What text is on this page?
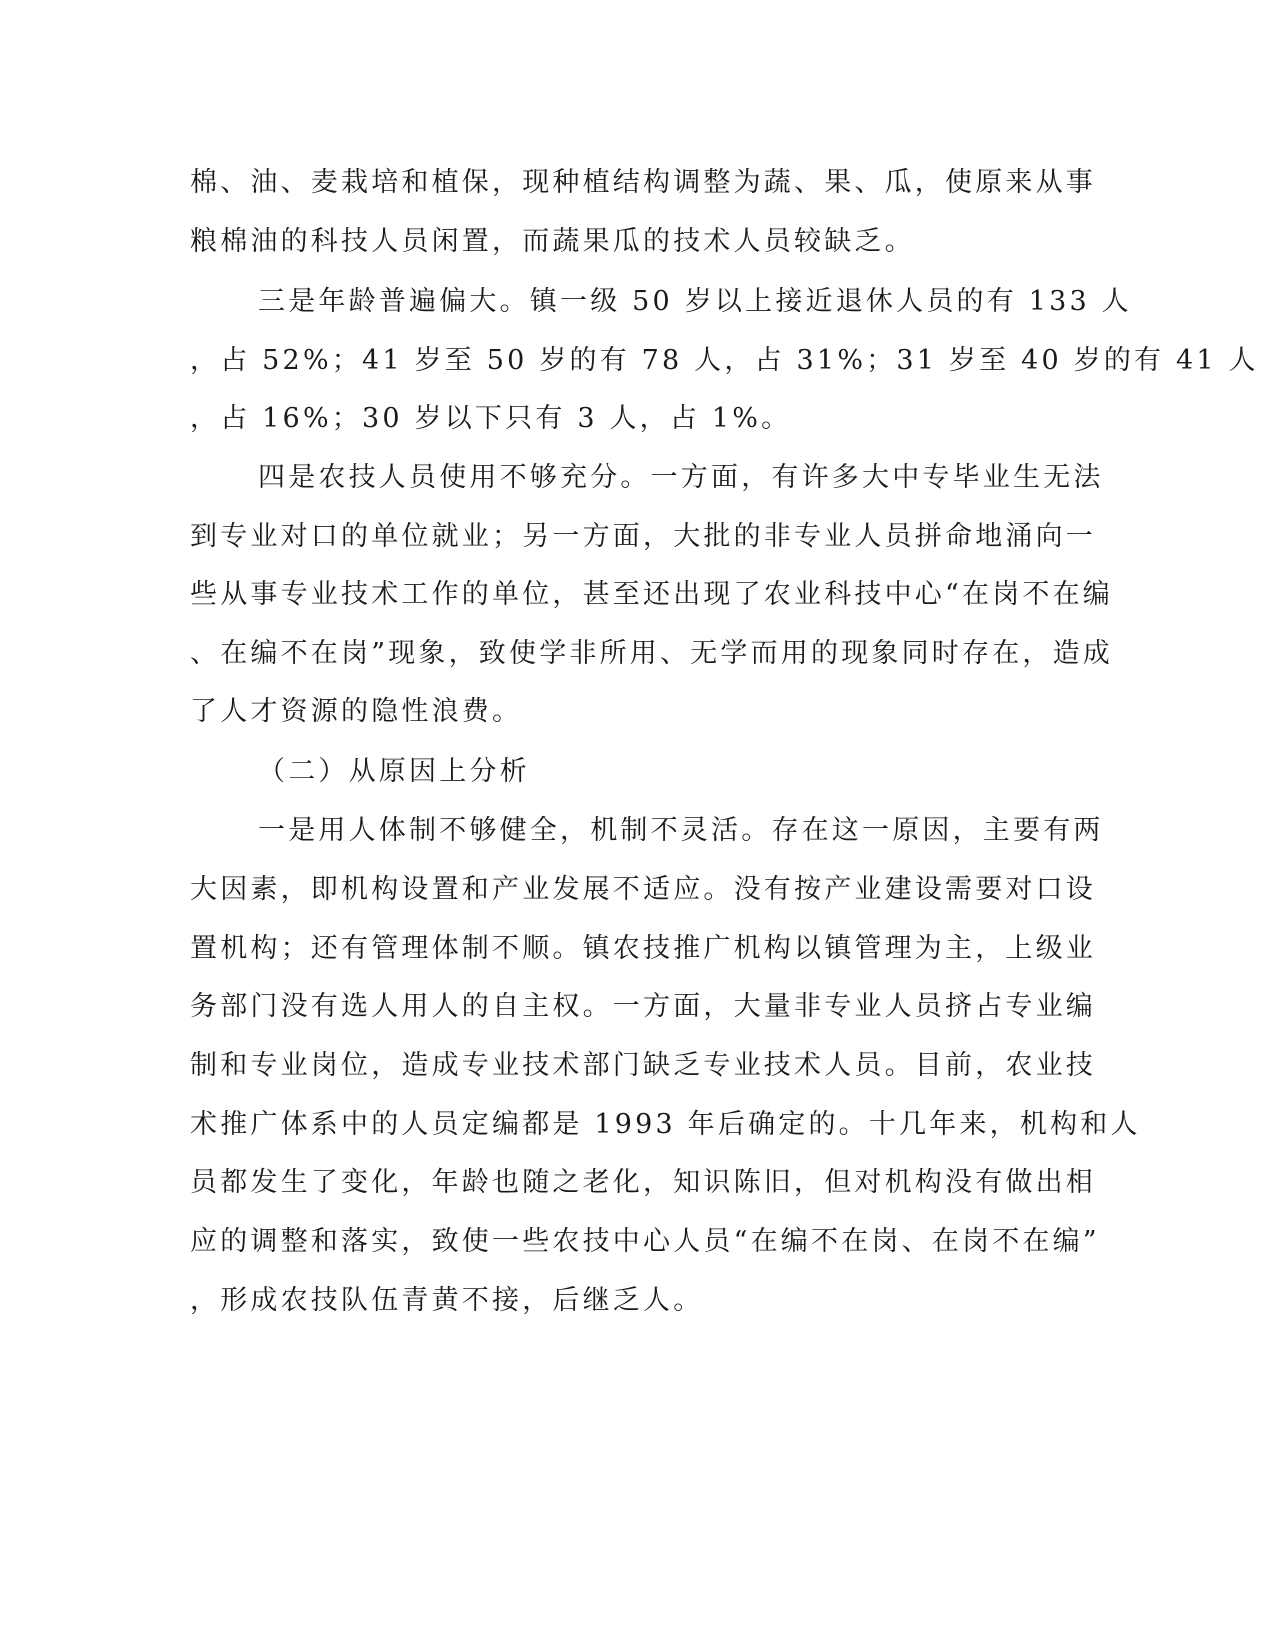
棉、油、麦栽培和植保，现种植结构调整为蔬、果、瓜，使原来从事
粮棉油的科技人员闲置，而蔬果瓜的技术人员较缺乏。
三是年龄普遍偏大。镇一级 50 岁以上接近退休人员的有 133 人
，占 52%；41 岁至 50 岁的有 78 人，占 31%；31 岁至 40 岁的有 41 人
，占 16%；30 岁以下只有 3 人，占 1%。
四是农技人员使用不够充分。一方面，有许多大中专毕业生无法
到专业对口的单位就业；另一方面，大批的非专业人员拼命地涌向一
些从事专业技术工作的单位，甚至还出现了农业科技中心“在岗不在编
、在编不在岗”现象，致使学非所用、无学而用的现象同时存在，造成
了人才资源的隐性浪费。
（二）从原因上分析
一是用人体制不够健全，机制不灵活。存在这一原因，主要有两
大因素，即机构设置和产业发展不适应。没有按产业建设需要对口设
置机构；还有管理体制不顺。镇农技推广机构以镇管理为主，上级业
务部门没有选人用人的自主权。一方面，大量非专业人员挤占专业编
制和专业岗位，造成专业技术部门缺乏专业技术人员。目前，农业技
术推广体系中的人员定编都是 1993 年后确定的。十几年来，机构和人
员都发生了变化，年龄也随之老化，知识陈旧，但对机构没有做出相
应的调整和落实，致使一些农技中心人员“在编不在岗、在岗不在编”
，形成农技队伍青黄不接，后继乏人。
